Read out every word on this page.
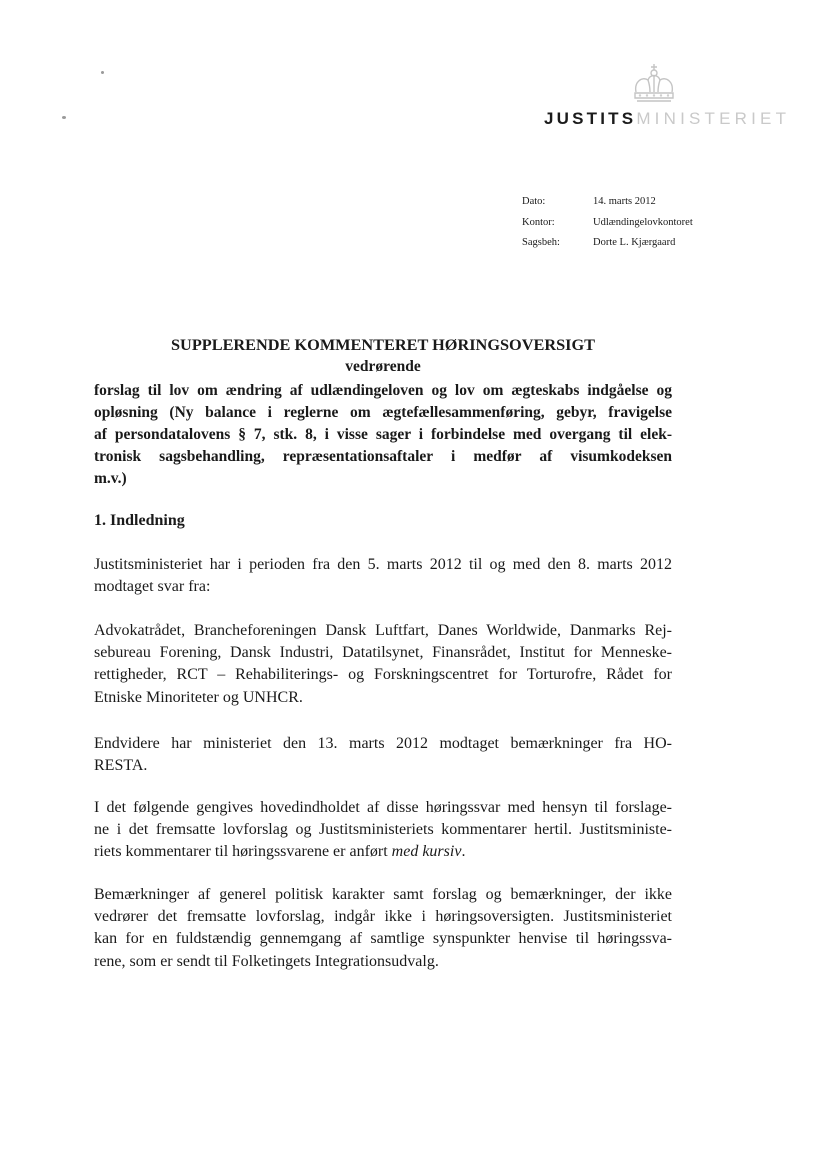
JUSTITSMINISTERIET
Dato:	14. marts 2012
Kontor:	Udlændingelovkontoret
Sagsbeh:	Dorte L. Kjærgaard
SUPPLERENDE KOMMENTERET HØRINGSOVERSIGT
vedrørende
forslag til lov om ændring af udlændingeloven og lov om ægteskabs indgåelse og
opløsning (Ny balance i reglerne om ægtefællesammenføring, gebyr, fravigelse
af persondatalovens § 7, stk. 8, i visse sager i forbindelse med overgang til elek-
tronisk sagsbehandling, repræsentationsaftaler i medfør af visumkodeksen
m.v.)
1. Indledning
Justitsministeriet har i perioden fra den 5. marts 2012 til og med den 8. marts 2012
modtaget svar fra:
Advokatrådet, Brancheforeningen Dansk Luftfart, Danes Worldwide, Danmarks Rej-
sebureau Forening, Dansk Industri, Datatilsynet, Finansrådet, Institut for Menneske-
rettigheder, RCT – Rehabiliterings- og Forskningscentret for Torturofre, Rådet for
Etniske Minoriteter og UNHCR.
Endvidere har ministeriet den 13. marts 2012 modtaget bemærkninger fra HO-
RESTA.
I det følgende gengives hovedindholdet af disse høringssvar med hensyn til forslage-
ne i det fremsatte lovforslag og Justitsministeriets kommentarer hertil. Justitsministe-
riets kommentarer til høringssvarene er anført med kursiv.
Bemærkninger af generel politisk karakter samt forslag og bemærkninger, der ikke
vedrører det fremsatte lovforslag, indgår ikke i høringsoversigten. Justitsministeriet
kan for en fuldstændig gennemgang af samtlige synspunkter henvise til høringssva-
rene, som er sendt til Folketingets Integrationsudvalg.
